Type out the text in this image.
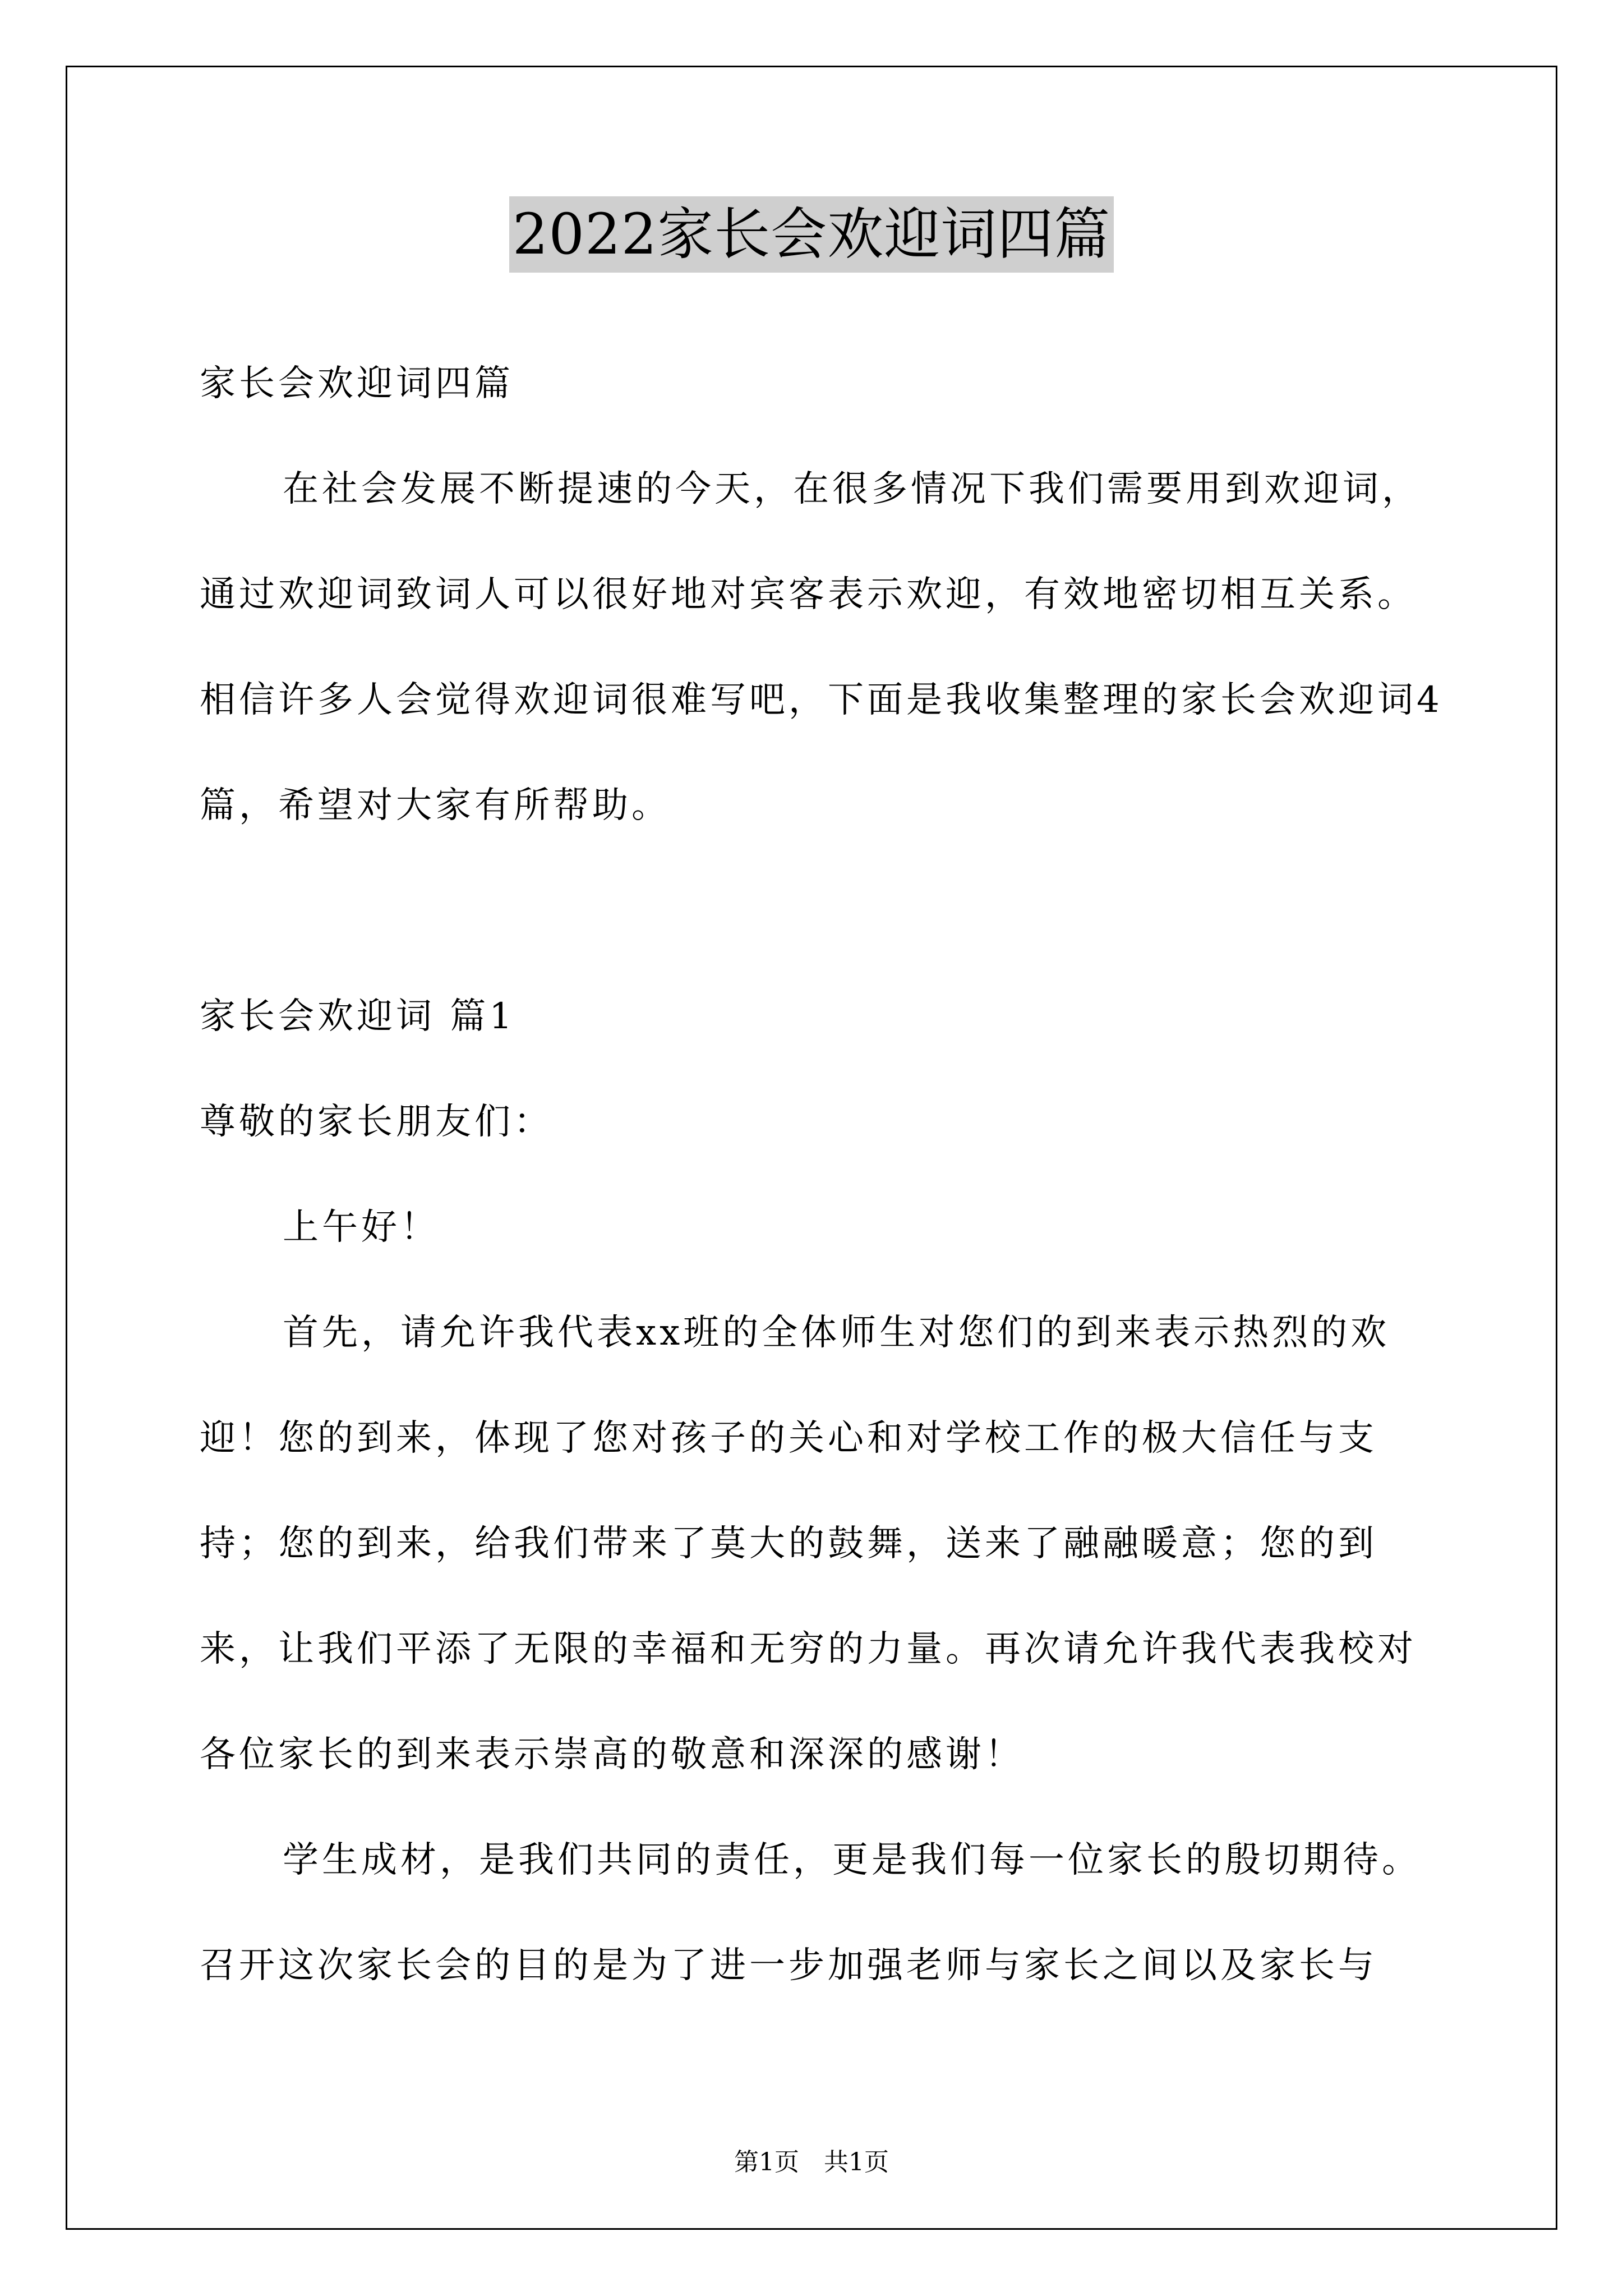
2022家长会欢迎词四篇

家长会欢迎词四篇

在社会发展不断提速的今天，在很多情况下我们需要用到欢迎词，通过欢迎词致词人可以很好地对宾客表示欢迎，有效地密切相互关系。相信许多人会觉得欢迎词很难写吧，下面是我收集整理的家长会欢迎词4篇，希望对大家有所帮助。

家长会欢迎词 篇1

尊敬的家长朋友们：

上午好！

首先，请允许我代表xx班的全体师生对您们的到来表示热烈的欢迎！您的到来，体现了您对孩子的关心和对学校工作的极大信任与支持；您的到来，给我们带来了莫大的鼓舞，送来了融融暖意；您的到来，让我们平添了无限的幸福和无穷的力量。再次请允许我代表我校对各位家长的到来表示崇高的敬意和深深的感谢！

学生成材，是我们共同的责任，更是我们每一位家长的殷切期待。召开这次家长会的目的是为了进一步加强老师与家长之间以及家长与

第1页　共1页
